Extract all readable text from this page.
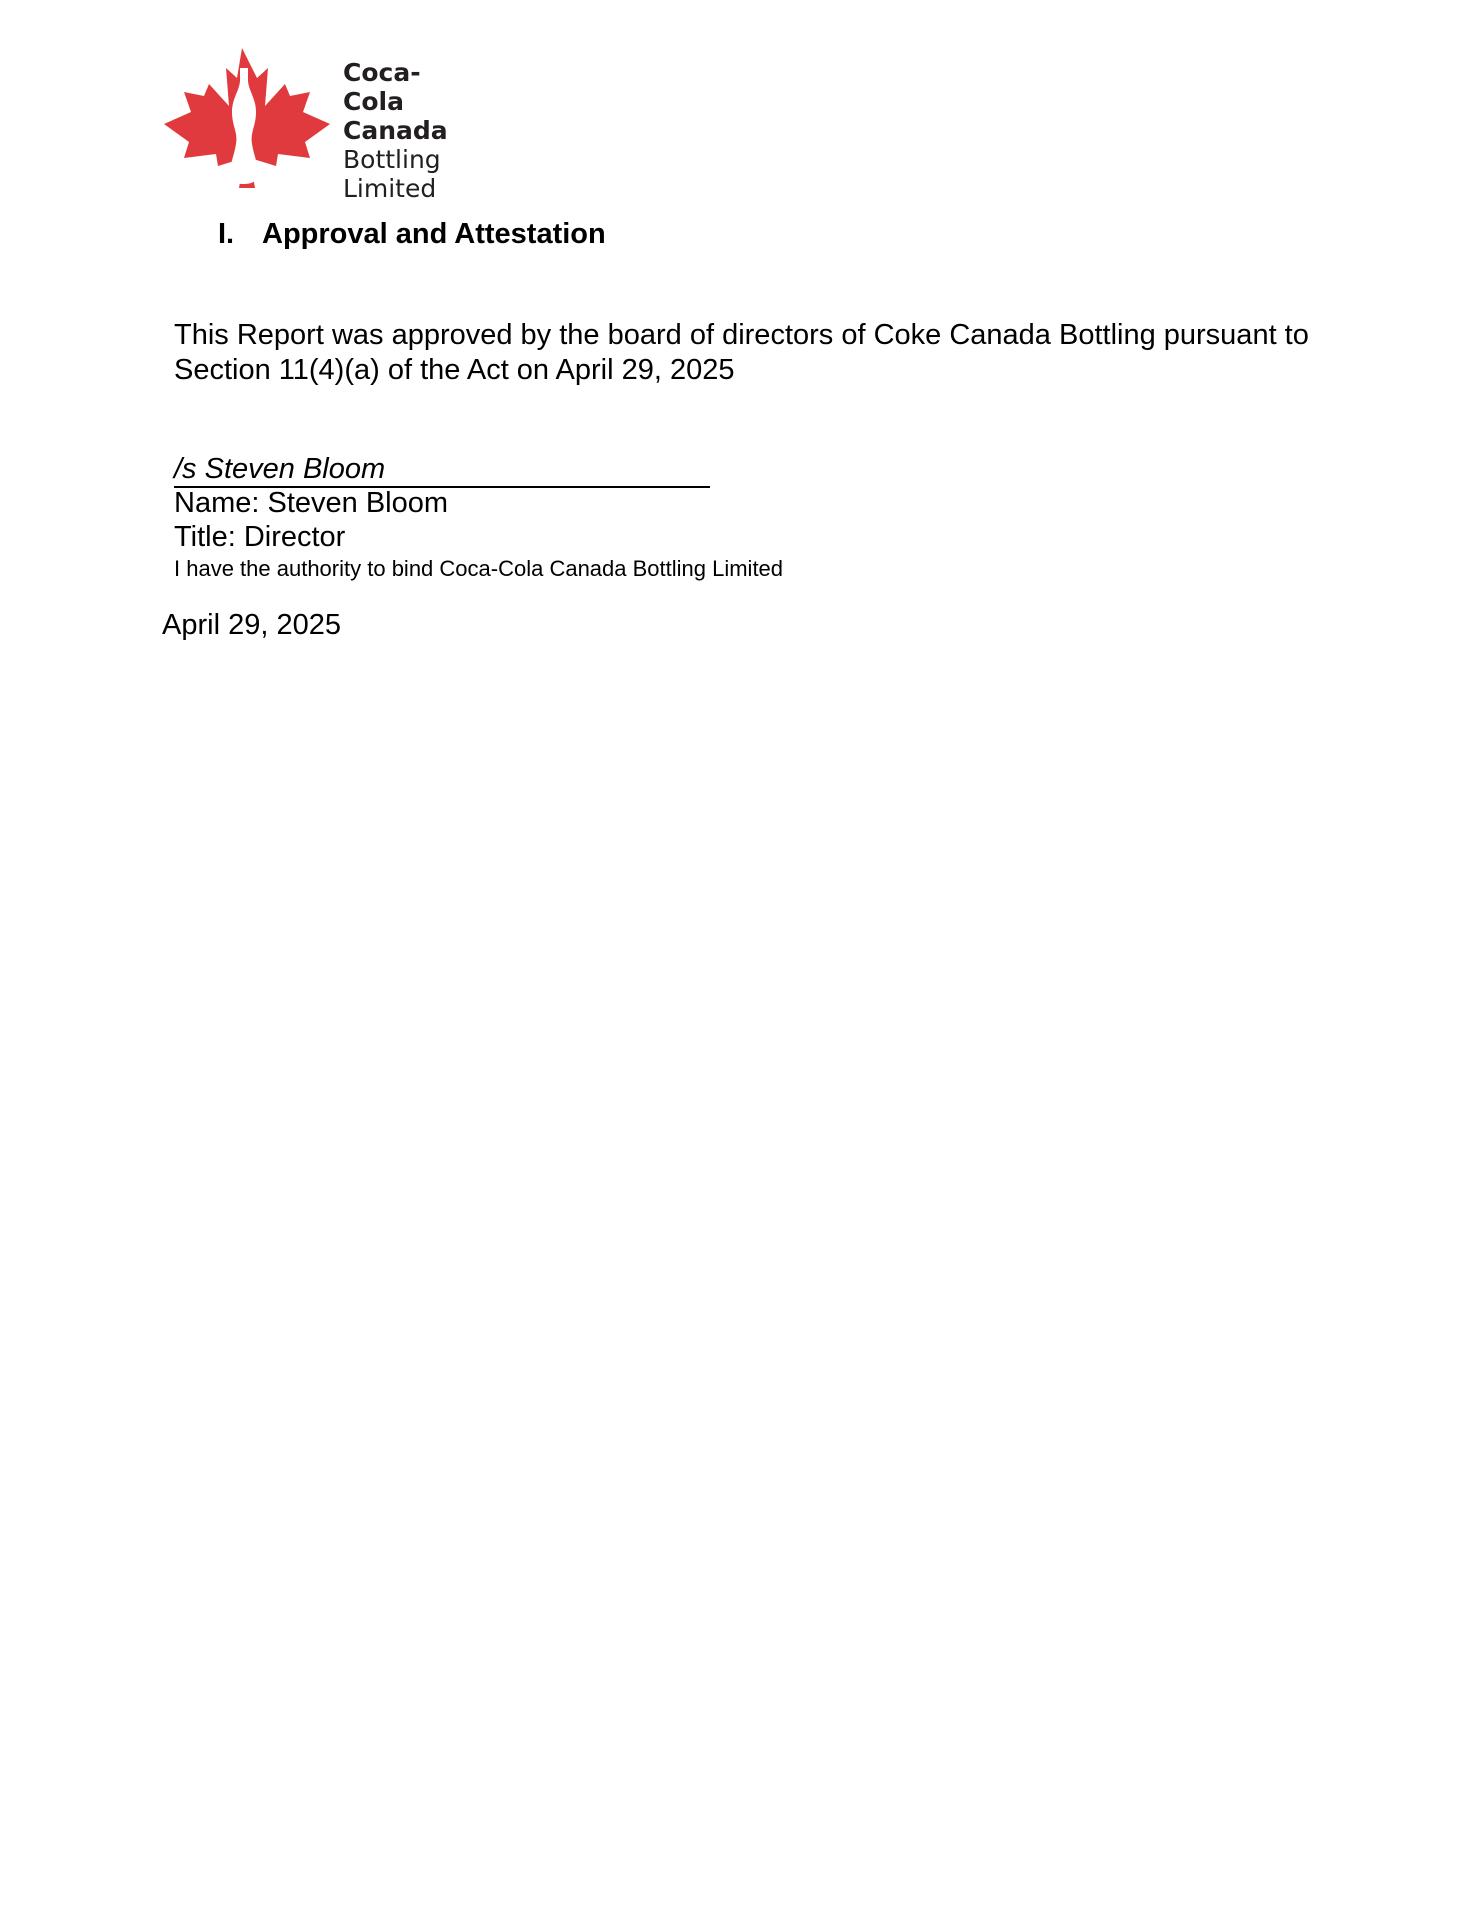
Coca-Cola
Canada
Bottling
Limited
I. Approval and Attestation
This Report was approved by the board of directors of Coke Canada Bottling pursuant to Section 11(4)(a) of the Act on April 29, 2025
/s Steven Bloom
Name: Steven Bloom
Title: Director
I have the authority to bind Coca-Cola Canada Bottling Limited
April 29, 2025
